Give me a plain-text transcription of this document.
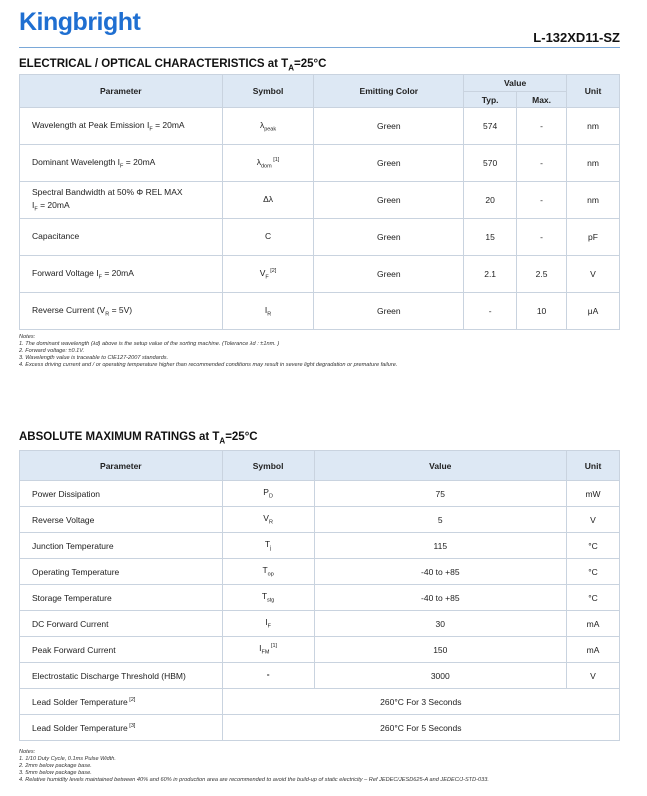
Kingbright
L-132XD11-SZ
ELECTRICAL / OPTICAL CHARACTERISTICS at $T_A=25^\circ C$
Parameter	Symbol	Emitting Color	Value		Unit
			Typ.	Max.	
Wavelength at Peak Emission $I_F = 20mA$	$\lambda_{peak}$	Green	574	-	nm
Dominant Wavelength $I_F = 20mA$	$\lambda_{dom}$ [1]	Green	570	-	nm
Spectral Bandwidth at 50% Φ REL MAX
$I_F = 20mA$	Δλ	Green	20	-	nm
Capacitance	C	Green	15	-	pF
Forward Voltage $I_F = 20mA$	$V_F$ [2]	Green	2.1	2.5	V
Reverse Current $(V_R = 5V)$	$I_R$	Green	-	10	μA
Notes:
1. The dominant wavelength (λd) above is the setup value of the sorting machine. (Tolerance λd : ±1nm. )
2. Forward voltage: ±0.1V.
3. Wavelength value is traceable to CIE127-2007 standards.
4. Excess driving current and / or operating temperature higher than recommended conditions may result in severe light degradation or premature failure.
ABSOLUTE MAXIMUM RATINGS at $T_A=25^\circ C$
Parameter	Symbol	Value	Unit
Power Dissipation	$P_D$	75	mW
Reverse Voltage	$V_R$	5	V
Junction Temperature	$T_j$	115	°C
Operating Temperature	$T_{op}$	-40 to +85	°C
Storage Temperature	$T_{stg}$	-40 to +85	°C
DC Forward Current	$I_F$	30	mA
Peak Forward Current	$I_{FM}$ [1]	150	mA
Electrostatic Discharge Threshold (HBM)	-	3000	V
Lead Solder Temperature [2]	260°C For 3 Seconds		
Lead Solder Temperature [3]	260°C For 5 Seconds		
Notes:
1. 1/10 Duty Cycle, 0.1ms Pulse Width.
2. 2mm below package base.
3. 5mm below package base.
4. Relative humidity levels maintained between 40% and 60% in production area are recommended to avoid the build-up of static electricity – Ref JEDEC/JESD625-A and JEDEC/J-STD-033.
